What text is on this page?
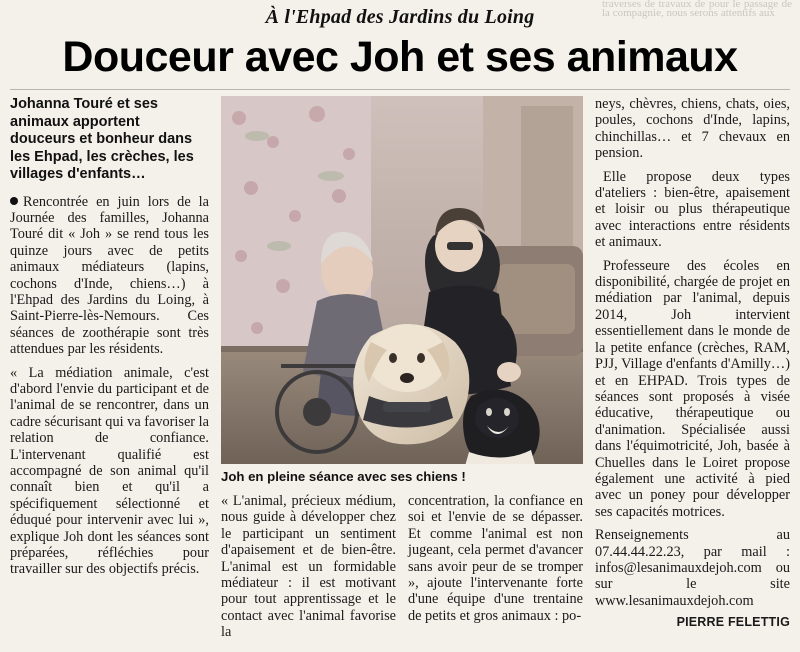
traverses de travaux de pour le passage de la compagnie, nous serons attentifs aux
À l'Ehpad des Jardins du Loing
Douceur avec Joh et ses animaux
Johanna Touré et ses animaux apportent douceurs et bonheur dans les Ehpad, les crèches, les villages d'enfants…

Rencontrée en juin lors de la Journée des familles, Johanna Touré dit « Joh » se rend tous les quinze jours avec de petits animaux médiateurs (lapins, cochons d'Inde, chiens…) à l'Ehpad des Jardins du Loing, à Saint-Pierre-lès-Nemours. Ces séances de zoothérapie sont très attendues par les résidents.

« La médiation animale, c'est d'abord l'envie du participant et de l'animal de se rencontrer, dans un cadre sécurisant qui va favoriser la relation de confiance. L'intervenant qualifié est accompagné de son animal qu'il connaît bien et qu'il a spécifiquement sélectionné et éduqué pour intervenir avec lui », explique Joh dont les séances sont préparées, réfléchies pour travailler sur des objectifs précis.

Joh en pleine séance avec ses chiens !

« L'animal, précieux médium, nous guide à développer chez le participant un sentiment d'apaisement et de bien-être. L'animal est un formidable médiateur : il est motivant pour tout apprentissage et le contact avec l'animal favorise la

concentration, la confiance en soi et l'envie de se dépasser. Et comme l'animal est non jugeant, cela permet d'avancer sans avoir peur de se tromper », ajoute l'intervenante forte d'une équipe d'une trentaine de petits et gros animaux : po-

neys, chèvres, chiens, chats, oies, poules, cochons d'Inde, lapins, chinchillas… et 7 chevaux en pension.

Elle propose deux types d'ateliers : bien-être, apaisement et loisir ou plus thérapeutique avec interactions entre résidents et animaux.

Professeure des écoles en disponibilité, chargée de projet en médiation par l'animal, depuis 2014, Joh intervient essentiellement dans le monde de la petite enfance (crèches, RAM, PJJ, Village d'enfants d'Amilly…) et en EHPAD. Trois types de séances sont proposés à visée éducative, thérapeutique ou d'animation. Spécialisée aussi dans l'équimotricité, Joh, basée à Chuelles dans le Loiret propose également une activité à pied avec un poney pour développer ses capacités motrices.

Renseignements au 07.44.44.22.23, par mail : infos@lesanimauxdejoh.com ou sur le site www.lesanimauxdejoh.com

PIERRE FELETTIG
